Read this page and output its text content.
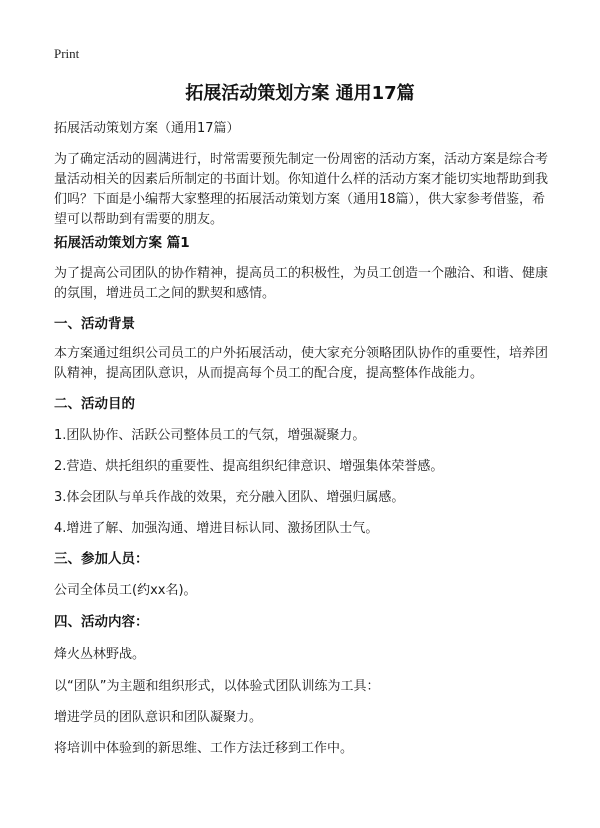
Print
拓展活动策划方案 通用17篇
拓展活动策划方案（通用17篇）
为了确定活动的圆满进行，时常需要预先制定一份周密的活动方案，活动方案是综合考量活动相关的因素后所制定的书面计划。你知道什么样的活动方案才能切实地帮助到我们吗？下面是小编帮大家整理的拓展活动策划方案（通用18篇），供大家参考借鉴，希望可以帮助到有需要的朋友。
拓展活动策划方案 篇1
为了提高公司团队的协作精神，提高员工的积极性，为员工创造一个融洽、和谐、健康的氛围，增进员工之间的默契和感情。
一、活动背景
本方案通过组织公司员工的户外拓展活动，使大家充分领略团队协作的重要性，培养团队精神，提高团队意识，从而提高每个员工的配合度，提高整体作战能力。
二、活动目的
1.团队协作、活跃公司整体员工的气氛，增强凝聚力。
2.营造、烘托组织的重要性、提高组织纪律意识、增强集体荣誉感。
3.体会团队与单兵作战的效果，充分融入团队、增强归属感。
4.增进了解、加强沟通、增进目标认同、激扬团队士气。
三、参加人员：
公司全体员工(约xx名)。
四、活动内容：
烽火丛林野战。
以“团队”为主题和组织形式，以体验式团队训练为工具：
增进学员的团队意识和团队凝聚力。
将培训中体验到的新思维、工作方法迁移到工作中。
